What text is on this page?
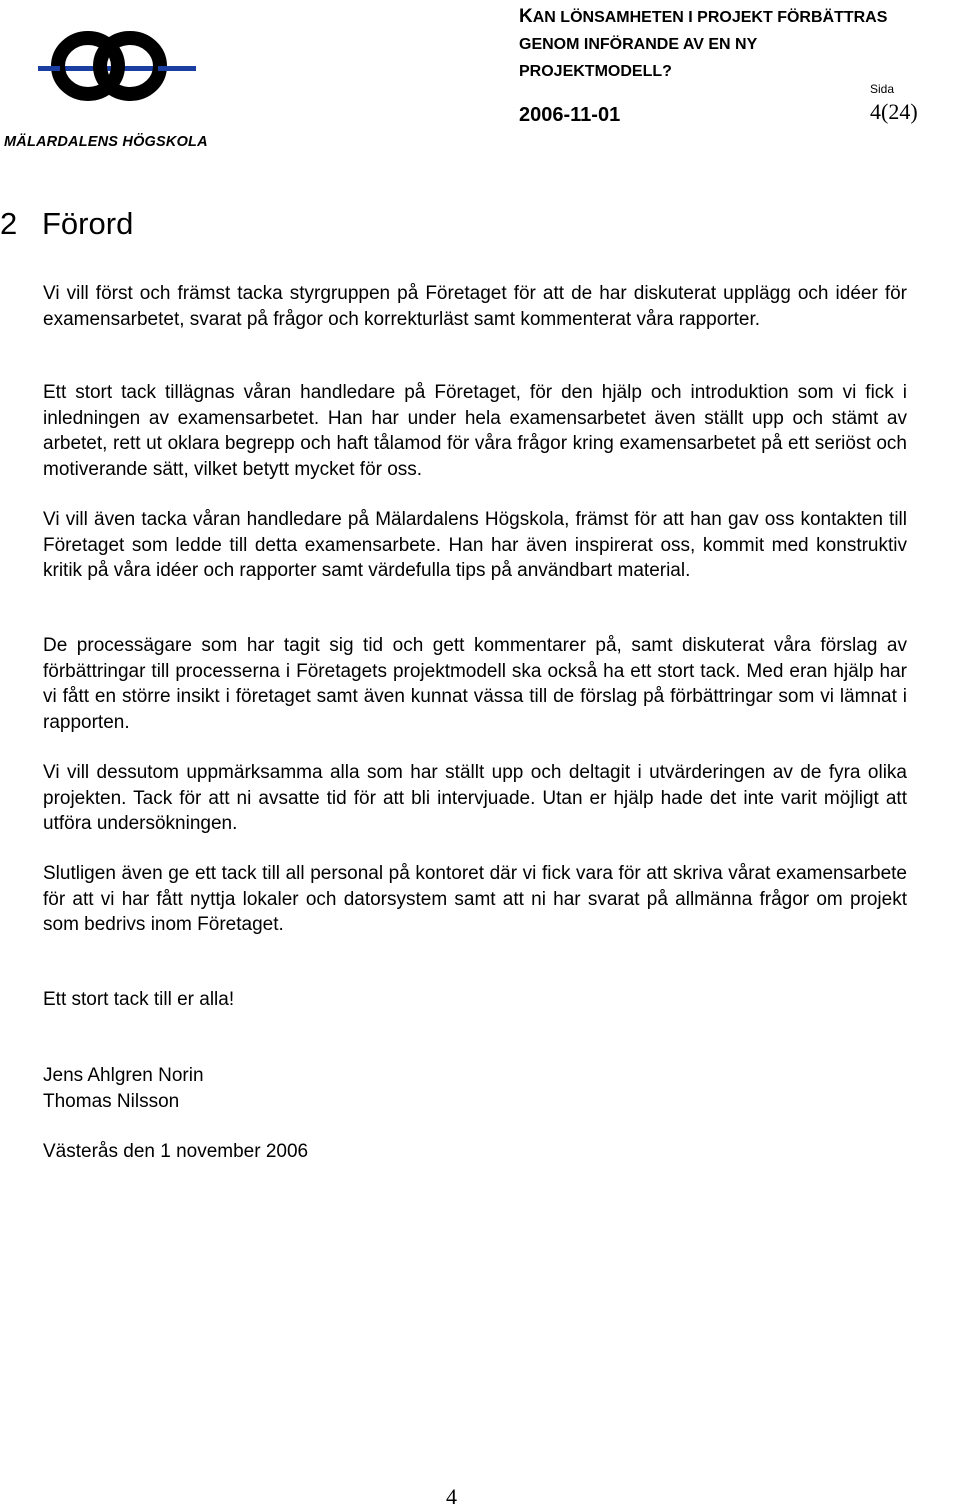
MÄLARDALENS HÖGSKOLA
KAN LÖNSAMHETEN I PROJEKT FÖRBÄTTRAS
GENOM INFÖRANDE AV EN NY
PROJEKTMODELL?
2006-11-01
Sida
4(24)
2 Förord

Vi vill först och främst tacka styrgruppen på Företaget för att de har diskuterat upplägg och idéer för examensarbetet, svarat på frågor och korrekturläst samt kommenterat våra rapporter.

Ett stort tack tillägnas våran handledare på Företaget, för den hjälp och introduktion som vi fick i inledningen av examensarbetet. Han har under hela examensarbetet även ställt upp och stämt av arbetet, rett ut oklara begrepp och haft tålamod för våra frågor kring examensarbetet på ett seriöst och motiverande sätt, vilket betytt mycket för oss.

Vi vill även tacka våran handledare på Mälardalens Högskola, främst för att han gav oss kontakten till Företaget som ledde till detta examensarbete. Han har även inspirerat oss, kommit med konstruktiv kritik på våra idéer och rapporter samt värdefulla tips på användbart material.

De processägare som har tagit sig tid och gett kommentarer på, samt diskuterat våra förslag av förbättringar till processerna i Företagets projektmodell ska också ha ett stort tack. Med eran hjälp har vi fått en större insikt i företaget samt även kunnat vässa till de förslag på förbättringar som vi lämnat i rapporten.

Vi vill dessutom uppmärksamma alla som har ställt upp och deltagit i utvärderingen av de fyra olika projekten. Tack för att ni avsatte tid för att bli intervjuade. Utan er hjälp hade det inte varit möjligt att utföra undersökningen.

Slutligen även ge ett tack till all personal på kontoret där vi fick vara för att skriva vårat examensarbete för att vi har fått nyttja lokaler och datorsystem samt att ni har svarat på allmänna frågor om projekt som bedrivs inom Företaget.

Ett stort tack till er alla!
Jens Ahlgren Norin
Thomas Nilsson
Västerås den 1 november 2006
4
